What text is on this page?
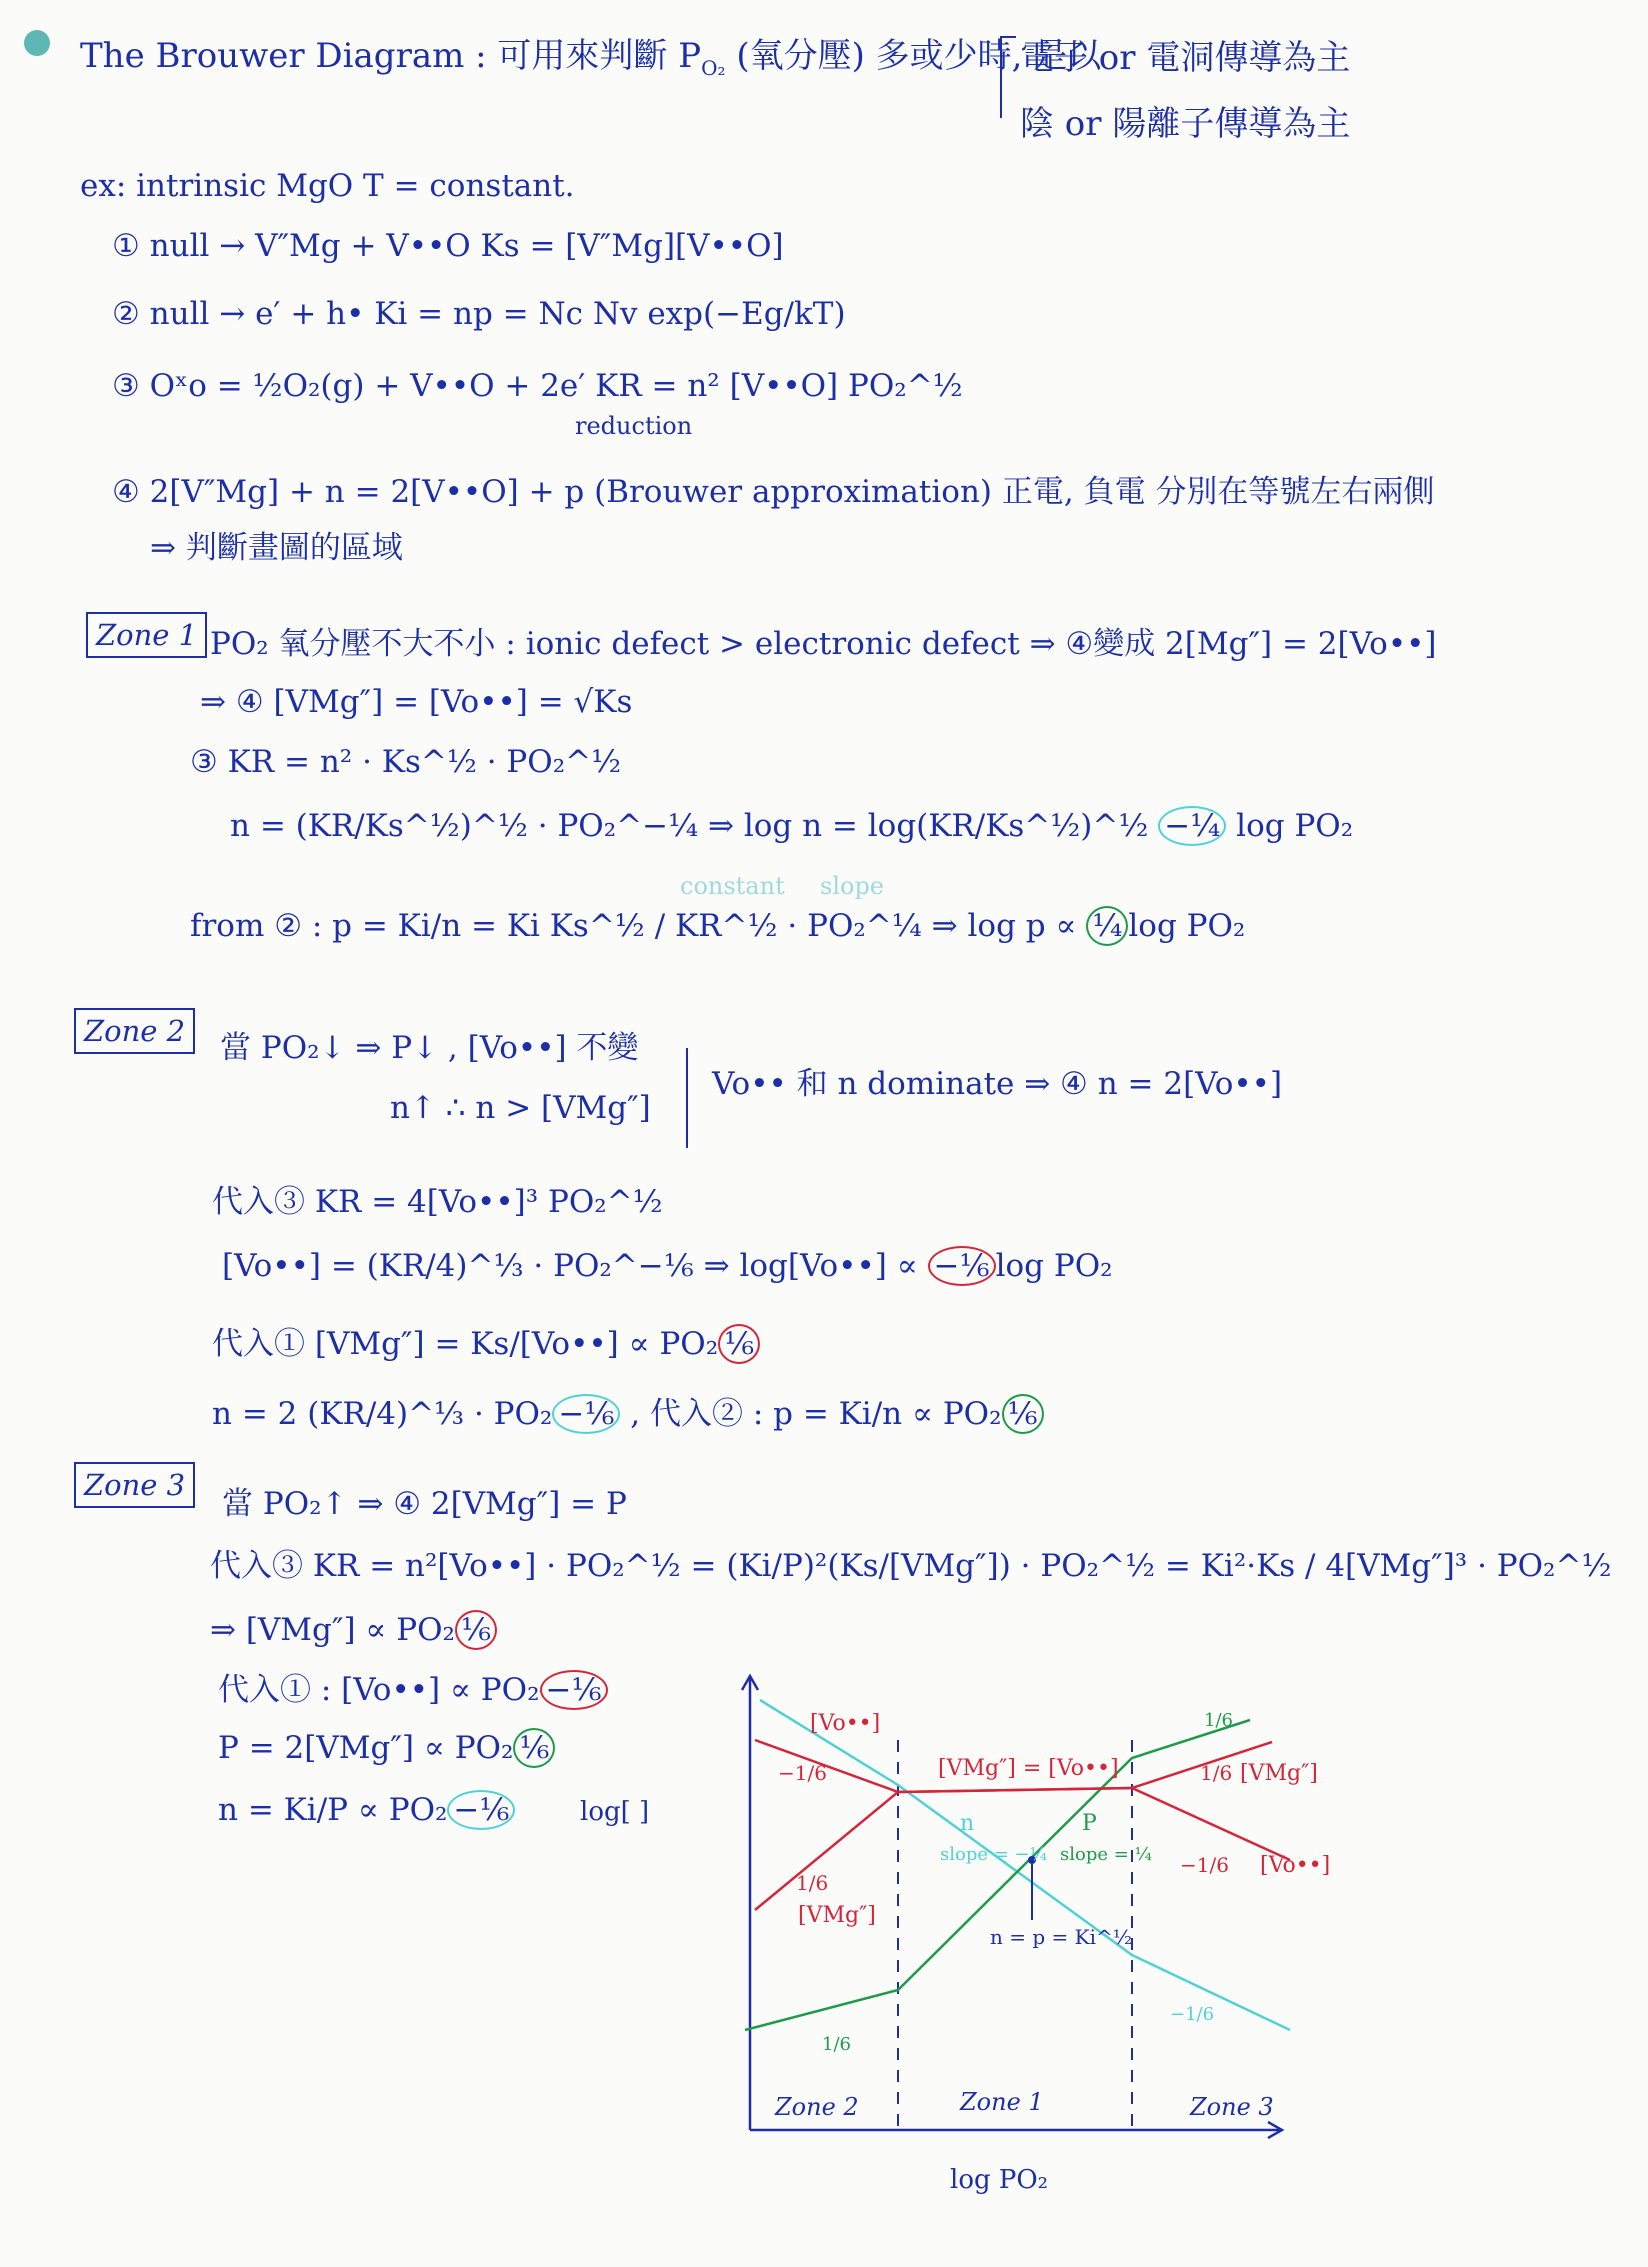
The Brouwer Diagram : 可用來判斷 $P_{O_2}$ (氧分壓) 多或少時, 是以
電子 or 電洞傳導為主
陰 or 陽離子傳導為主
ex: intrinsic MgO T = constant.
① null → V″Mg + V••O Ks = [V″Mg][V••O]
② null → e′ + h• Ki = np = Nc Nv exp(−Eg/kT)
③ Oˣo = ½O₂(g) + V••O + 2e′ KR = n² [V••O] PO₂^½
reduction
④ 2[V″Mg] + n = 2[V••O] + p (Brouwer approximation) 正電, 負電 分別在等號左右兩側
⇒ 判斷畫圖的區域
Zone 1 PO₂ 氧分壓不大不小 : ionic defect > electronic defect ⇒ ④變成 2[Mg″] = 2[Vo••]
⇒ ④ [VMg″] = [Vo••] = √Ks
③ KR = n² · Ks^½ · PO₂^½
n = (KR/Ks^½)^½ · PO₂^−¼ ⇒ log n = log(KR/Ks^½)^½ −¼ log PO₂
constant slope
from ② : p = Ki/n = Ki Ks^½ / KR^½ · PO₂^¼ ⇒ log p ∝ ¼ log PO₂
Zone 2	當 PO₂↓ ⇒ P↓ , [Vo••] 不變
n↑ ∴ n > [VMg″]
Vo•• 和 n dominate ⇒ ④ n = 2[Vo••]
代入③ KR = 4[Vo••]³ PO₂^½
[Vo••] = (KR/4)^⅓ · PO₂^−⅙ ⇒ log[Vo••] ∝ −⅙ log PO₂
代入① [VMg″] = Ks/[Vo••] ∝ PO₂ ⅙
n = 2 (KR/4)^⅓ · PO₂ −⅙ , 代入② : p = Ki/n ∝ PO₂ ⅙
Zone 3
當 PO₂↑ ⇒ ④ 2[VMg″] = P
代入③ KR = n²[Vo••] · PO₂^½ = (Ki/P)²(Ks/[VMg″]) · PO₂^½ = Ki²·Ks / 4[VMg″]³ · PO₂^½
⇒ [VMg″] ∝ PO₂ ⅙
代入① : [Vo••] ∝ PO₂ −⅙
P = 2[VMg″] ∝ PO₂ ⅙
n = Ki/P ∝ PO₂ −⅙	log[ ]
log PO₂
Zone 2	Zone 1	Zone 3
[Vo••]
−1/6
1/6
[VMg″]
[VMg″] = [Vo••]
n
slope = −¼
P
slope = ¼
n = p = Ki^½
[VMg″]
1/6
[Vo••]
−1/6
1/6
1/6
−1/6
